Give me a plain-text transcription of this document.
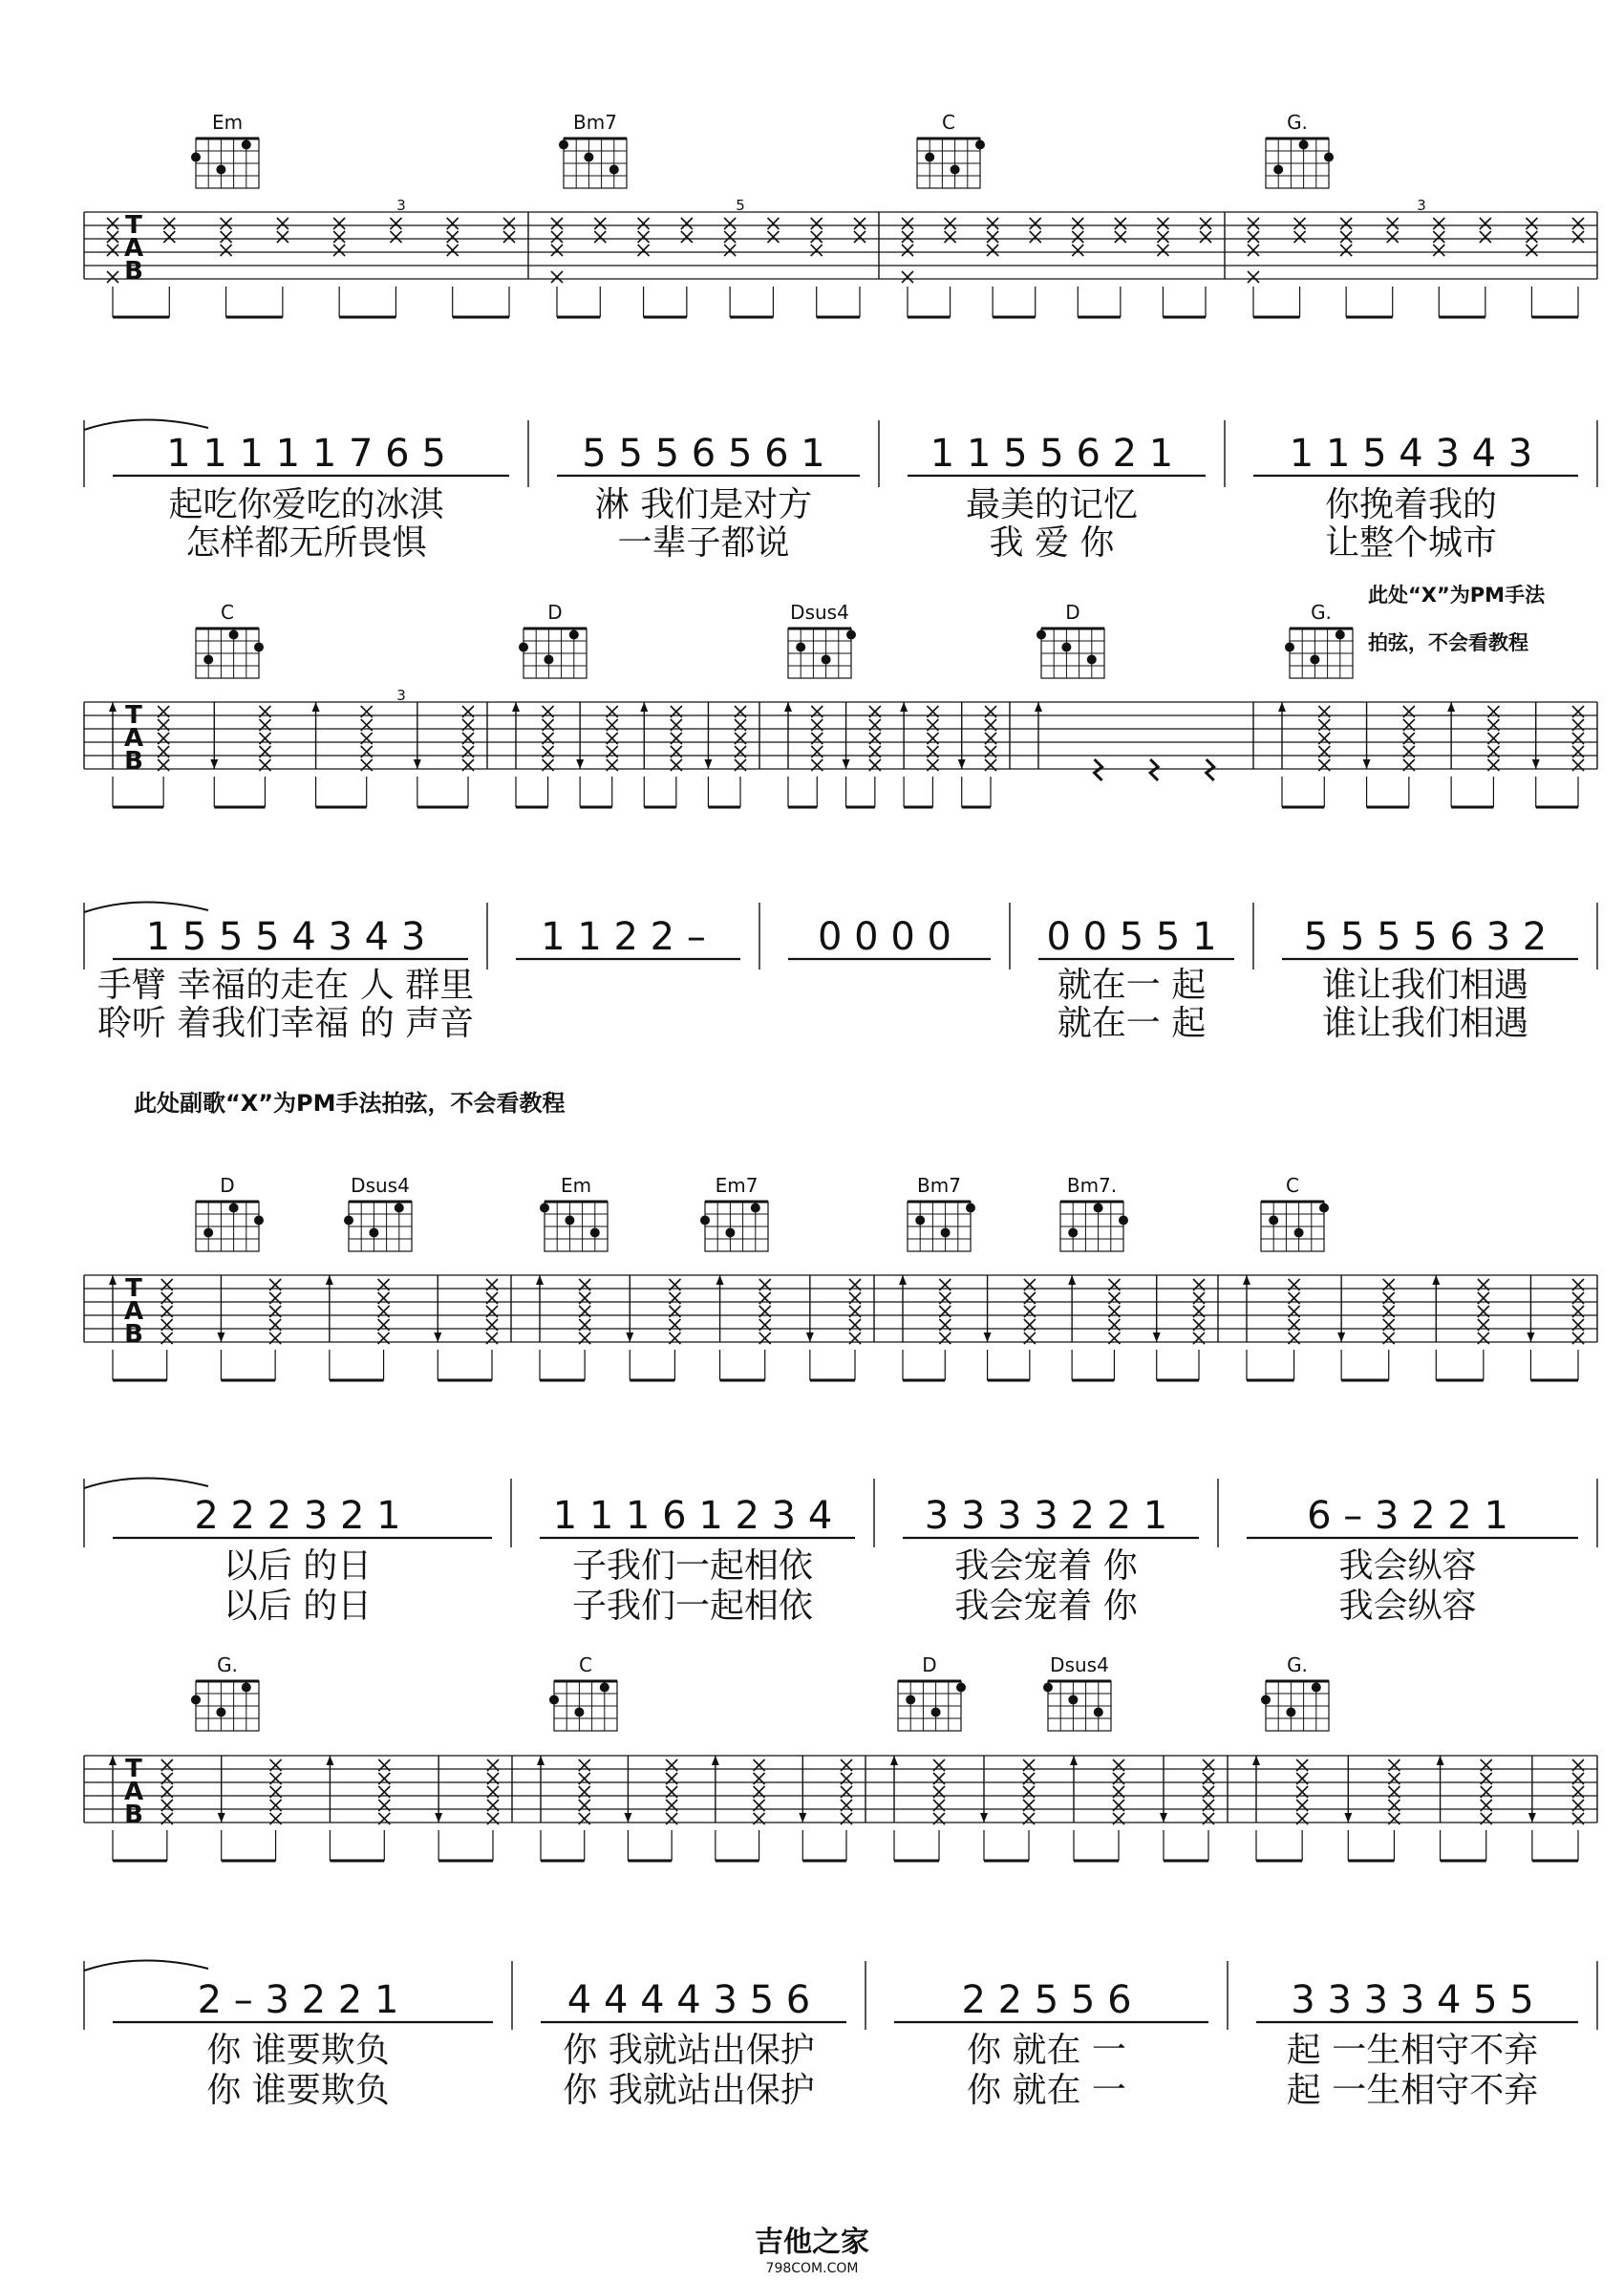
T
A
B
Em	Bm7	C	G.
3	5	3
1 1 1 1 1 7 6 5
起吃你爱吃的冰淇
怎样都无所畏惧
5 5 5 6 5 6 1
淋 我们是对方
一辈子都说
1 1 5 5 6 2 1
最美的记忆
我 爱 你
1 1 5 4 3 4 3
你挽着我的
让整个城市
T
A
B
C	D	Dsus4	D	G.
3
1 5 5 5 4 3 4 3
手臂 幸福的走在 人 群里
聆听 着我们幸福 的 声音
1 1 2 2 –	0 0 0 0 0 0 5 5 1
就在一 起
就在一 起
5 5 5 5 6 3 2
谁让我们相遇
谁让我们相遇
T
A
B
D	Dsus4	Em	Em7	Bm7	Bm7.	C
2 2 2 3 2 1
以后 的日
以后 的日
1 1 1 6 1 2 3 4
子我们一起相依
子我们一起相依
3 3 3 3 2 2 1
我会宠着 你
我会宠着 你
6 – 3 2 2 1
我会纵容
我会纵容
T
A
B
G.	C	D	Dsus4	G.
2 – 3 2 2 1
你 谁要欺负
你 谁要欺负
4 4 4 4 3 5 6
你 我就站出保护
你 我就站出保护
2 2 5 5 6
你 就在 一
你 就在 一
3 3 3 3 4 5 5
起 一生相守不弃
起 一生相守不弃
此处“X”为PM手法
拍弦，不会看教程
此处副歌“X”为PM手法拍弦，不会看教程
吉他之家
798COM.COM
